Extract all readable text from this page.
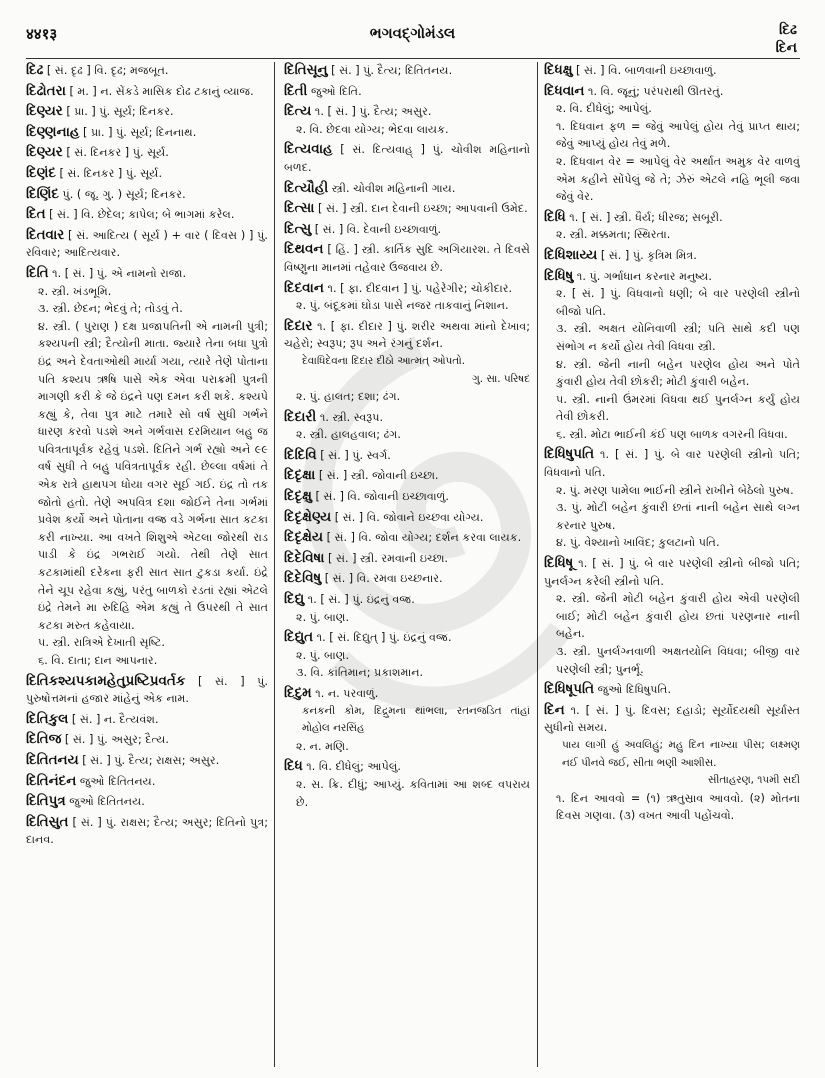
४४१३	ભગવદ્ગોમંડલ	દિઢ
દિન
દિઢ [ સં. દૃઢ ] વિ. દૃઢ; મજબૂત.
દિઢોતરા [ મ. ] ન. સેંકડે માસિક દોઢ ટકાનું વ્યાજ.
દિણ્યર [ પ્રા. ] પું. સૂર્ય; દિનકર.
દિણ્ણનાહ [ પ્રા. ] પું. સૂર્ય; દિનનાથ.
દિણ્યર [ સં. દિનકર ] પું. સૂર્ય.
દિણંદ [ સં. દિનકર ] પું. સૂર્ય.
દિણિંદ પું. ( જૂ. ગુ. ) સૂર્ય; દિનકર.
દિત [ સં. ] વિ. છેદેલ; કાપેલ; બે ભાગમાં કરેલ.
દિતવાર [ સં. આદિત્ય ( સૂર્ય ) + વાર ( દિવસ ) ] પું. રવિવાર; આદિત્યવાર.
દિતિ ૧. [ સં. ] પું. એ નામનો રાજા.
૨. સ્ત્રી. ખંડભૂમિ.
૩. સ્ત્રી. છેદન; ભેદવું તે; તોડવું તે.
૪. સ્ત્રી. ( પુરાણ ) દક્ષ પ્રજાપતિની એ નામની પુત્રી; કશ્યપની સ્ત્રી; દૈત્યોની માતા. જ્યારે તેના બધા પુત્રો ઇંદ્ર અને દેવતાઓથી માર્યા ગયા, ત્યારે તેણે પોતાના પતિ કશ્યપ ઋષિ પાસે એક એવા પરાક્રમી પુત્રની માગણી કરી કે જે ઇંદ્રને પણ દમન કરી શકે. કશ્યપે કહ્યું કે, તેવા પુત્ર માટે તમારે સો વર્ષ સુધી ગર્ભને ધારણ કરવો પડશે અને ગર્ભવાસ દરમિયાન બહુ જ પવિત્રતાપૂર્વક રહેવું પડશે. દિતિને ગર્ભ રહ્યો અને ૯૯ વર્ષ સુધી તે બહુ પવિત્રતાપૂર્વક રહી. છેલ્લા વર્ષમાં તે એક રાત્રે હાથપગ ધોયા વગર સૂઈ ગઈ. ઇંદ્ર તો તક જોતો હતો. તેણે અપવિત્ર દશા જોઈને તેના ગર્ભમાં પ્રવેશ કર્યો અને પોતાના વજ્ર વડે ગર્ભના સાત કટકા કરી નાખ્યા. આ વખતે શિશુએ એટલા જોરથી રાડ પાડી કે ઇંદ્ર ગભરાઈ ગયો. તેથી તેણે સાત કટકામાંથી દરેકના ફરી સાત સાત ટુકડા કર્યા. ઇંદ્રે તેને ચૂપ રહેવા કહ્યું, પરંતુ બાળકો રડતાં રહ્યાં એટલે ઇંદ્રે તેમને મા રુદિહિ એમ કહ્યું તે ઉપરથી તે સાત કટકા મરુત કહેવાયા.
૫. સ્ત્રી. રાત્રિએ દેખાતી સૃષ્ટિ.
૬. વિ. દાતા; દાન આપનાર.
દિતિકશ્યપકામહેતુપ્રષ્ટિપ્રવર્તક [ સં. ] પું. પુરુષોત્તમનાં હજાર માંહેનું એક નામ.
દિતિકુલ [ સં. ] ન. દૈત્યવંશ.
દિતિજ [ સં. ] પું. અસુર; દૈત્ય.
દિતિતનય [ સં. ] પું. દૈત્ય; રાક્ષસ; અસુર.
દિતિનંદન જુઓ દિતિતનય.
દિતિપુત્ર જુઓ દિતિતનય.
દિતિસુત [ સં. ] પું. રાક્ષસ; દૈત્ય; અસુર; દિતિનો પુત્ર; દાનવ.
દિતિસૂનુ [ સં. ] પું. દૈત્ય; દિતિતનય.
દિતી જુઓ દિતિ.
દિત્ય ૧. [ સં. ] પું. દૈત્ય; અસુર.
૨. વિ. છેદવા યોગ્ય; ભેદવા લાયક.
દિત્યવાહ [ સં. દિત્યવાહ્ ] પું. ચોવીશ મહિનાનો બળદ.
દિત્યૌહી સ્ત્રી. ચોવીશ મહિનાની ગાય.
દિત્સા [ સં. ] સ્ત્રી. દાન દેવાની ઇચ્છા; આપવાની ઉમેદ.
દિત્સુ [ સં. ] વિ. દેવાની ઇચ્છાવાળું.
દિથવન [ હિં. ] સ્ત્રી. કાર્તિક સુદિ અગિયારશ. તે દિવસે વિષ્ણુના માનમાં તહેવાર ઉજવાય છે.
દિદવાન ૧. [ ફા. દીદવાન ] પું. પહેરેગીર; ચોકીદાર.
૨. પું. બંદૂકમાં ઘોડા પાસે નજર તાકવાનું નિશાન.
દિદાર ૧. [ ફા. દીદાર ] પું. શરીર અથવા માંનો દેખાવ; ચહેરો; સ્વરૂપ; રૂપ અને રંગનું દર્શન.
દેવાધિદેવના દિદાર દીઠો આત્મત્ ઓપતો.
ગુ. સા. પરિષદ
૨. પું. હાલત; દશા; ઢંગ.
દિદારી ૧. સ્ત્રી. સ્વરૂપ.
૨. સ્ત્રી. હાલહવાલ; ઢંગ.
દિદિવિ [ સં. ] પું. સ્વર્ગ.
દિદૃક્ષા [ સં. ] સ્ત્રી. જોવાની ઇચ્છા.
દિદૃક્ષુ [ સં. ] વિ. જોવાની ઇચ્છાવાળું.
દિદૃક્ષેણ્ય [ સં. ] વિ. જોવાને ઇચ્છવા યોગ્ય.
દિદૃક્ષેય [ સં. ] વિ. જોવા યોગ્ય; દર્શન કરવા લાયક.
દિદેવિષા [ સં. ] સ્ત્રી. રમવાની ઇચ્છા.
દિદેવિષુ [ સં. ] વિ. રમવા ઇચ્છનાર.
દિદ્યુ ૧. [ સં. ] પું. ઇંદ્રનું વજ્ર.
૨. પું. બાણ.
દિદ્યુત ૧. [ સં. દિદ્યુત્ ] પું. ઇંદ્રનું વજ્ર.
૨. પું. બાણ.
૩. વિ. કાંતિમાન; પ્રકાશમાન.
દિદુમ ૧. ન. પરવાળું.
કનકની કોમ, દિદ્રુમના થાંભલા, રતનજડિત તાંહાં મોહોલ નરસિંહ
૨. ન. મણિ.
દિધ ૧. વિ. દીધેલું; આપેલું.
૨. સ. ક્રિ. દીધું; આપ્યું. કવિતામાં આ શબ્દ વપરાય છે.
દિધક્ષુ [ સં. ] વિ. બાળવાની ઇચ્છાવાળું.
દિધવાન ૧. વિ. જૂનું; પરંપરાથી ઊતરતું.
૨. વિ. દીધેલું; આપેલું.
૧. દિધવાન ફળ = જેવું આપેલું હોય તેવું પ્રાપ્ત થાય; જેવું આપ્યું હોય તેવું મળે.
૨. દિધવાન વેર = આપેલું વેર અર્થાત અમુક વેર વાળવું એમ કહીને સોંપેલું જે તે; ઝેરું એટલે નહિ ભૂલી જવા જેવું વેર.
દિધિ ૧. [ સં. ] સ્ત્રી. ધૈર્ય; ધીરજ; સબૂરી.
૨. સ્ત્રી. મક્કમતા; સ્થિરતા.
દિધિશાય્ય [ સં. ] પું. કૃત્રિમ મિત્ર.
દિધિષુ ૧. પું. ગર્ભાધાન કરનાર મનુષ્ય.
૨. [ સં. ] પું. વિધવાનો ધણી; બે વાર પરણેલી સ્ત્રીનો બીજો પતિ.
૩. સ્ત્રી. અક્ષત યોનિવાળી સ્ત્રી; પતિ સાથે કદી પણ સંભોગ ન કર્યો હોય તેવી વિધવા સ્ત્રી.
૪. સ્ત્રી. જેની નાની બહેન પરણેલ હોય અને પોતે કુંવારી હોય તેવી છોકરી; મોટી કુંવારી બહેન.
૫. સ્ત્રી. નાની ઉંમરમાં વિધવા થઈ પુનર્લગ્ન કર્યું હોય તેવી છોકરી.
૬. સ્ત્રી. મોટા ભાઈની કંઈ પણ બાળક વગરની વિધવા.
દિધિષુપતિ ૧. [ સં. ] પું. બે વાર પરણેલી સ્ત્રીનો પતિ; વિધવાનો પતિ.
૨. પું. મરણ પામેલા ભાઈની સ્ત્રીને રાખીને બેઠેલો પુરુષ.
૩. પું. મોટી બહેન કુંવારી છતાં નાની બહેન સાથે લગ્ન કરનાર પુરુષ.
૪. પું. વેશ્યાનો ખાવિંદ; કુલટાનો પતિ.
દિધિષૂ ૧. [ સં. ] પું. બે વાર પરણેલી સ્ત્રીનો બીજો પતિ; પુનર્લગ્ન કરેલી સ્ત્રીનો પતિ.
૨. સ્ત્રી. જેની મોટી બહેન કુંવારી હોય એવી પરણેલી બાઈ; મોટી બહેન કુંવારી હોય છતાં પરણનાર નાની બહેન.
૩. સ્ત્રી. પુનર્લગ્નવાળી અક્ષતયોનિ વિધવા; બીજી વાર પરણેલી સ્ત્રી; પુનર્ભૂ.
દિધિષૂપતિ જુઓ દિધિષુપતિ.
દિન ૧. [ સં. ] પું. દિવસ; દહાડો; સૂર્યોદયથી સૂર્યાસ્ત સુધીનો સમય.
પાય લાગી હું અવલિહું; મહુ દિન નાખ્યા પીસ; લક્ષ્મણ નઈ પીનવે જઈ, સીતા ભણી આશીસ.
સીતાહરણ, ૧૫મી સદી
૧. દિન આવવો = (૧) ઋતુસ્રાવ આવવો. (૨) મોતના દિવસ ગણવા. (૩) વખત આવી પહોંચવો.
